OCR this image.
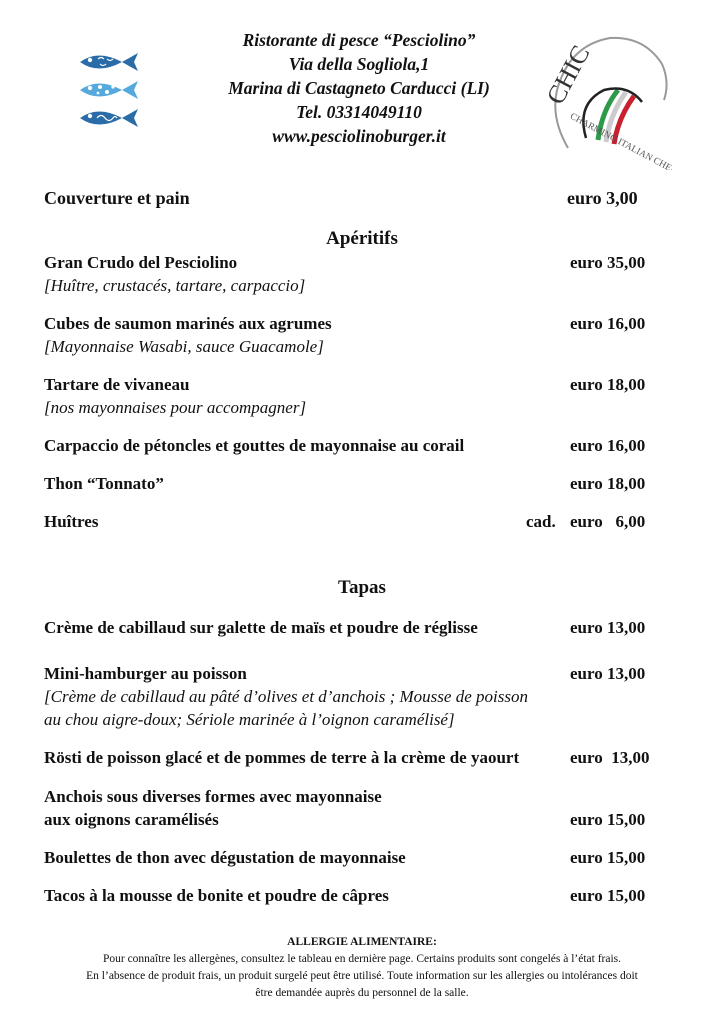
Ristorante di pesce “Pesciolino”
Via della Sogliola,1
Marina di Castagneto Carducci (LI)
Tel. 03314049110
www.pesciolinoburger.it
CHIC
CHARMING ITALIAN CHEF
Couverture et pain	euro 3,00
Apéritifs
Gran Crudo del Pesciolino	euro 35,00
[Huître, crustacés, tartare, carpaccio]
Cubes de saumon marinés aux agrumes	euro 16,00
[Mayonnaise Wasabi, sauce Guacamole]
Tartare de vivaneau	euro 18,00
[nos mayonnaises pour accompagner]
Carpaccio de pétoncles et gouttes de mayonnaise au corail	euro 16,00
Thon “Tonnato”	euro 18,00
Huîtres	cad. euro   6,00
Tapas
Crème de cabillaud sur galette de maïs et poudre de réglisse	euro 13,00
Mini-hamburger au poisson	euro 13,00
[Crème de cabillaud au pâté d’olives et d’anchois ; Mousse de poisson
au chou aigre-doux; Sériole marinée à l’oignon caramélisé]
Rösti de poisson glacé et de pommes de terre à la crème de yaourt	euro  13,00
Anchois sous diverses formes avec mayonnaise
aux oignons caramélisés	euro 15,00
Boulettes de thon avec dégustation de mayonnaise	euro 15,00
Tacos à la mousse de bonite et poudre de câpres	euro 15,00
ALLERGIE ALIMENTAIRE:
Pour connaître les allergènes, consultez le tableau en dernière page. Certains produits sont congelés à l’état frais.
En l’absence de produit frais, un produit surgelé peut être utilisé. Toute information sur les allergies ou intolérances doit
être demandée auprès du personnel de la salle.
